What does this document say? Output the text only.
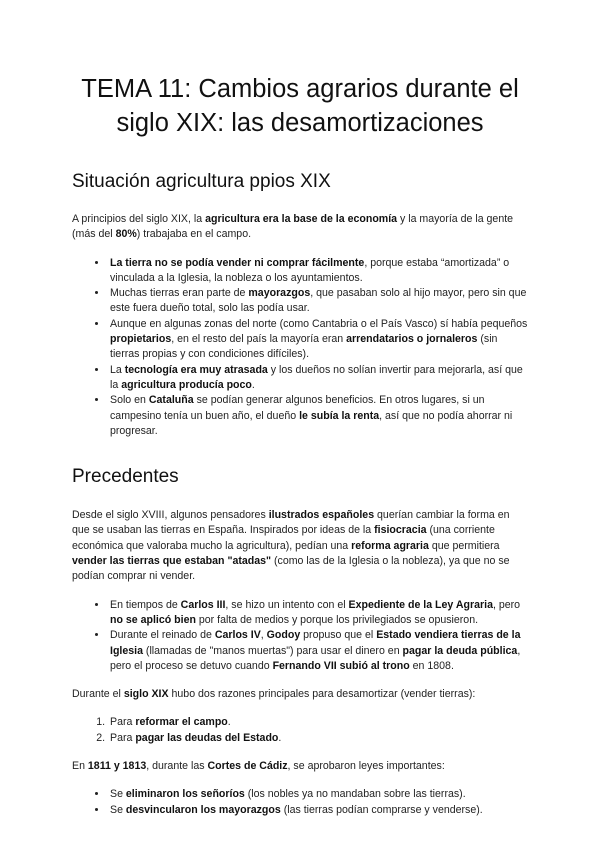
TEMA 11: Cambios agrarios durante el siglo XIX: las desamortizaciones
Situación agricultura ppios XIX

A principios del siglo XIX, la agricultura era la base de la economía y la mayoría de la gente (más del 80%) trabajaba en el campo.

• La tierra no se podía vender ni comprar fácilmente, porque estaba “amortizada” o vinculada a la Iglesia, la nobleza o los ayuntamientos.
• Muchas tierras eran parte de mayorazgos, que pasaban solo al hijo mayor, pero sin que este fuera dueño total, solo las podía usar.
• Aunque en algunas zonas del norte (como Cantabria o el País Vasco) sí había pequeños propietarios, en el resto del país la mayoría eran arrendatarios o jornaleros (sin tierras propias y con condiciones difíciles).
• La tecnología era muy atrasada y los dueños no solían invertir para mejorarla, así que la agricultura producía poco.
• Solo en Cataluña se podían generar algunos beneficios. En otros lugares, si un campesino tenía un buen año, el dueño le subía la renta, así que no podía ahorrar ni progresar.
Precedentes

Desde el siglo XVIII, algunos pensadores ilustrados españoles querían cambiar la forma en que se usaban las tierras en España. Inspirados por ideas de la fisiocracia (una corriente económica que valoraba mucho la agricultura), pedían una reforma agraria que permitiera vender las tierras que estaban "atadas" (como las de la Iglesia o la nobleza), ya que no se podían comprar ni vender.

• En tiempos de Carlos III, se hizo un intento con el Expediente de la Ley Agraria, pero no se aplicó bien por falta de medios y porque los privilegiados se opusieron.
• Durante el reinado de Carlos IV, Godoy propuso que el Estado vendiera tierras de la Iglesia (llamadas de "manos muertas") para usar el dinero en pagar la deuda pública, pero el proceso se detuvo cuando Fernando VII subió al trono en 1808.

Durante el siglo XIX hubo dos razones principales para desamortizar (vender tierras):

1. Para reformar el campo.
2. Para pagar las deudas del Estado.

En 1811 y 1813, durante las Cortes de Cádiz, se aprobaron leyes importantes:

• Se eliminaron los señoríos (los nobles ya no mandaban sobre las tierras).
• Se desvincularon los mayorazgos (las tierras podían comprarse y venderse).
